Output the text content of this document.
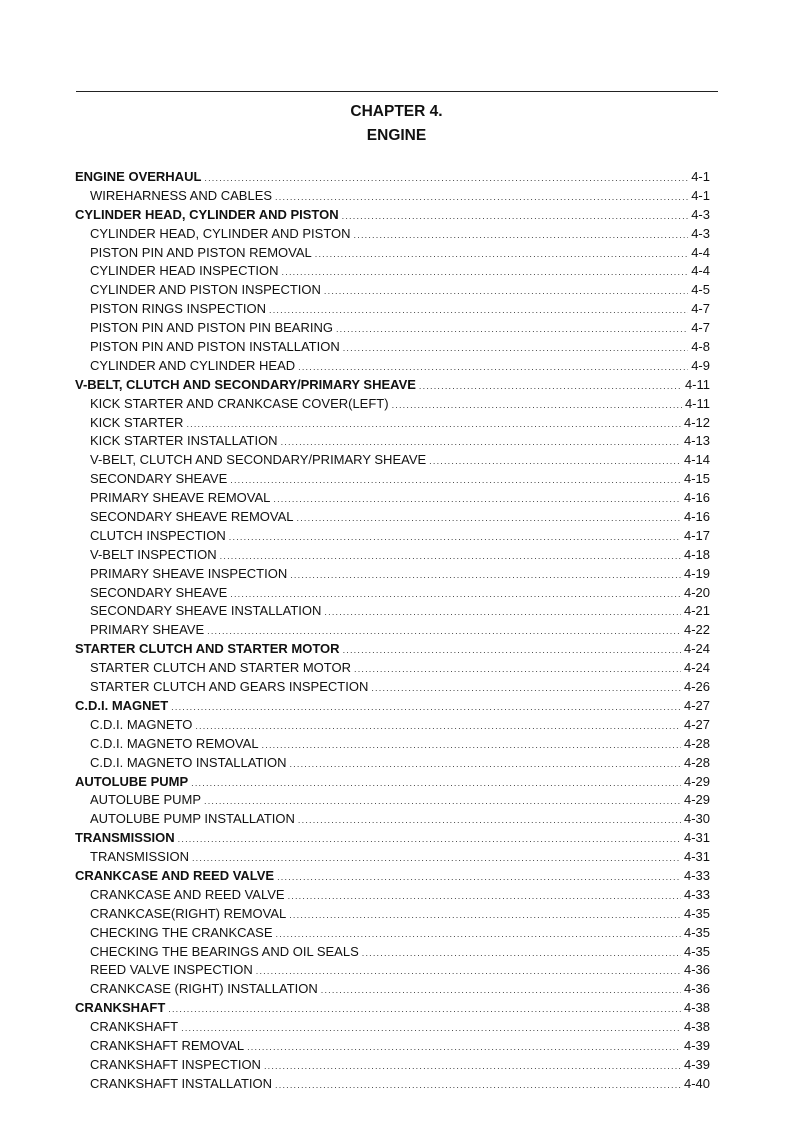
CHAPTER 4.
ENGINE
ENGINE OVERHAUL .....	4-1
WIREHARNESS AND CABLES .....	4-1
CYLINDER HEAD, CYLINDER AND PISTON .....	4-3
CYLINDER HEAD, CYLINDER AND PISTON .....	4-3
PISTON PIN AND PISTON REMOVAL .....	4-4
CYLINDER HEAD INSPECTION .....	4-4
CYLINDER AND PISTON INSPECTION .....	4-5
PISTON RINGS INSPECTION .....	4-7
PISTON PIN AND PISTON PIN BEARING .....	4-7
PISTON PIN AND PISTON INSTALLATION .....	4-8
CYLINDER AND CYLINDER HEAD .....	4-9
V-BELT, CLUTCH AND SECONDARY/PRIMARY SHEAVE .....	4-11
KICK STARTER AND CRANKCASE COVER(LEFT) .....	4-11
KICK STARTER .....	4-12
KICK STARTER INSTALLATION .....	4-13
V-BELT, CLUTCH AND SECONDARY/PRIMARY SHEAVE .....	4-14
SECONDARY SHEAVE .....	4-15
PRIMARY SHEAVE REMOVAL .....	4-16
SECONDARY SHEAVE REMOVAL .....	4-16
CLUTCH INSPECTION .....	4-17
V-BELT INSPECTION .....	4-18
PRIMARY SHEAVE INSPECTION .....	4-19
SECONDARY SHEAVE .....	4-20
SECONDARY SHEAVE INSTALLATION .....	4-21
PRIMARY SHEAVE .....	4-22
STARTER CLUTCH AND STARTER MOTOR .....	4-24
STARTER CLUTCH AND STARTER MOTOR .....	4-24
STARTER CLUTCH AND GEARS INSPECTION .....	4-26
C.D.I. MAGNET .....	4-27
C.D.I. MAGNETO .....	4-27
C.D.I. MAGNETO REMOVAL .....	4-28
C.D.I. MAGNETO INSTALLATION .....	4-28
AUTOLUBE PUMP .....	4-29
AUTOLUBE PUMP .....	4-29
AUTOLUBE PUMP INSTALLATION .....	4-30
TRANSMISSION .....	4-31
TRANSMISSION .....	4-31
CRANKCASE AND REED VALVE .....	4-33
CRANKCASE AND REED VALVE .....	4-33
CRANKCASE(RIGHT) REMOVAL .....	4-35
CHECKING THE CRANKCASE .....	4-35
CHECKING THE BEARINGS AND OIL SEALS .....	4-35
REED VALVE INSPECTION .....	4-36
CRANKCASE (RIGHT) INSTALLATION .....	4-36
CRANKSHAFT .....	4-38
CRANKSHAFT .....	4-38
CRANKSHAFT REMOVAL .....	4-39
CRANKSHAFT INSPECTION .....	4-39
CRANKSHAFT INSTALLATION .....	4-40
